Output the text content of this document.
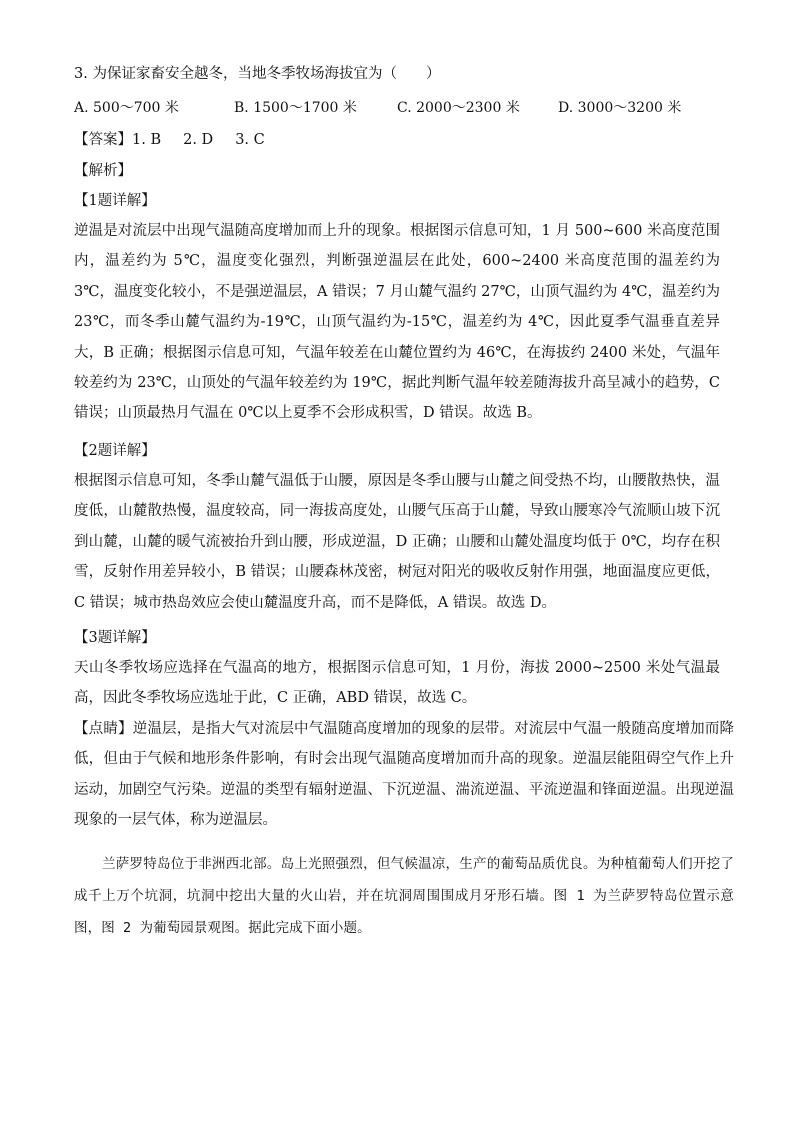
3. 为保证家畜安全越冬，当地冬季牧场海拔宜为（　　）
A. 500～700 米	B. 1500～1700 米	C. 2000～2300 米	D. 3000～3200 米
【答案】1. B 2. D 3. C
【解析】
【1题详解】
逆温是对流层中出现气温随高度增加而上升的现象。根据图示信息可知，1 月 500~600 米高度范围内，温差约为 5℃，温度变化强烈，判断强逆温层在此处，600~2400 米高度范围的温差约为 3℃，温度变化较小，不是强逆温层，A 错误；7 月山麓气温约 27℃，山顶气温约为 4℃，温差约为 23℃，而冬季山麓气温约为-19℃，山顶气温约为-15℃，温差约为 4℃，因此夏季气温垂直差异大，B 正确；根据图示信息可知，气温年较差在山麓位置约为 46℃，在海拔约 2400 米处，气温年较差约为 23℃，山顶处的气温年较差约为 19℃，据此判断气温年较差随海拔升高呈减小的趋势，C 错误；山顶最热月气温在 0℃以上夏季不会形成积雪，D 错误。故选 B。
【2题详解】
根据图示信息可知，冬季山麓气温低于山腰，原因是冬季山腰与山麓之间受热不均，山腰散热快，温度低，山麓散热慢，温度较高，同一海拔高度处，山腰气压高于山麓，导致山腰寒冷气流顺山坡下沉到山麓，山麓的暖气流被抬升到山腰，形成逆温，D 正确；山腰和山麓处温度均低于 0℃，均存在积雪，反射作用差异较小，B 错误；山腰森林茂密，树冠对阳光的吸收反射作用强，地面温度应更低，C 错误；城市热岛效应会使山麓温度升高，而不是降低，A 错误。故选 D。
【3题详解】
天山冬季牧场应选择在气温高的地方，根据图示信息可知，1 月份，海拔 2000~2500 米处气温最高，因此冬季牧场应选址于此，C 正确，ABD 错误，故选 C。
【点睛】逆温层，是指大气对流层中气温随高度增加的现象的层带。对流层中气温一般随高度增加而降低，但由于气候和地形条件影响，有时会出现气温随高度增加而升高的现象。逆温层能阻碍空气作上升运动，加剧空气污染。逆温的类型有辐射逆温、下沉逆温、湍流逆温、平流逆温和锋面逆温。出现逆温现象的一层气体，称为逆温层。
兰萨罗特岛位于非洲西北部。岛上光照强烈，但气候温凉，生产的葡萄品质优良。为种植葡萄人们开挖了成千上万个坑洞，坑洞中挖出大量的火山岩，并在坑洞周围围成月牙形石墙。图 1 为兰萨罗特岛位置示意图，图 2 为葡萄园景观图。据此完成下面小题。
